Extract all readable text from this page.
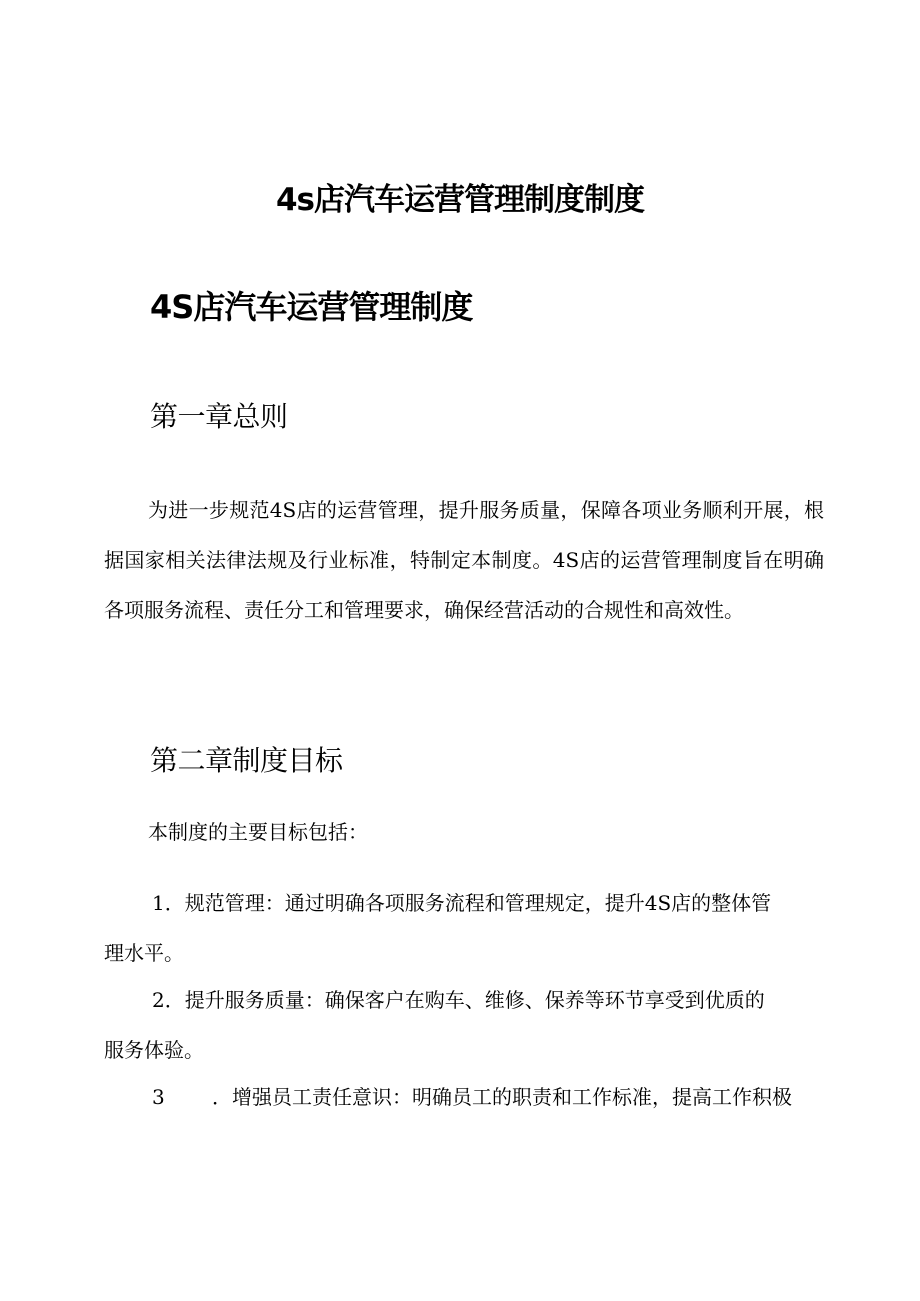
4s店汽车运营管理制度制度
4S店汽车运营管理制度
第一章总则

为进一步规范4S店的运营管理，提升服务质量，保障各项业务顺利开展，根据国家相关法律法规及行业标准，特制定本制度。4S店的运营管理制度旨在明确各项服务流程、责任分工和管理要求，确保经营活动的合规性和高效性。

第二章制度目标

本制度的主要目标包括：

1．规范管理：通过明确各项服务流程和管理规定，提升4S店的整体管
理水平。
2．提升服务质量：确保客户在购车、维修、保养等环节享受到优质的
服务体验。
3 ．增强员工责任意识：明确员工的职责和工作标准，提高工作积极
